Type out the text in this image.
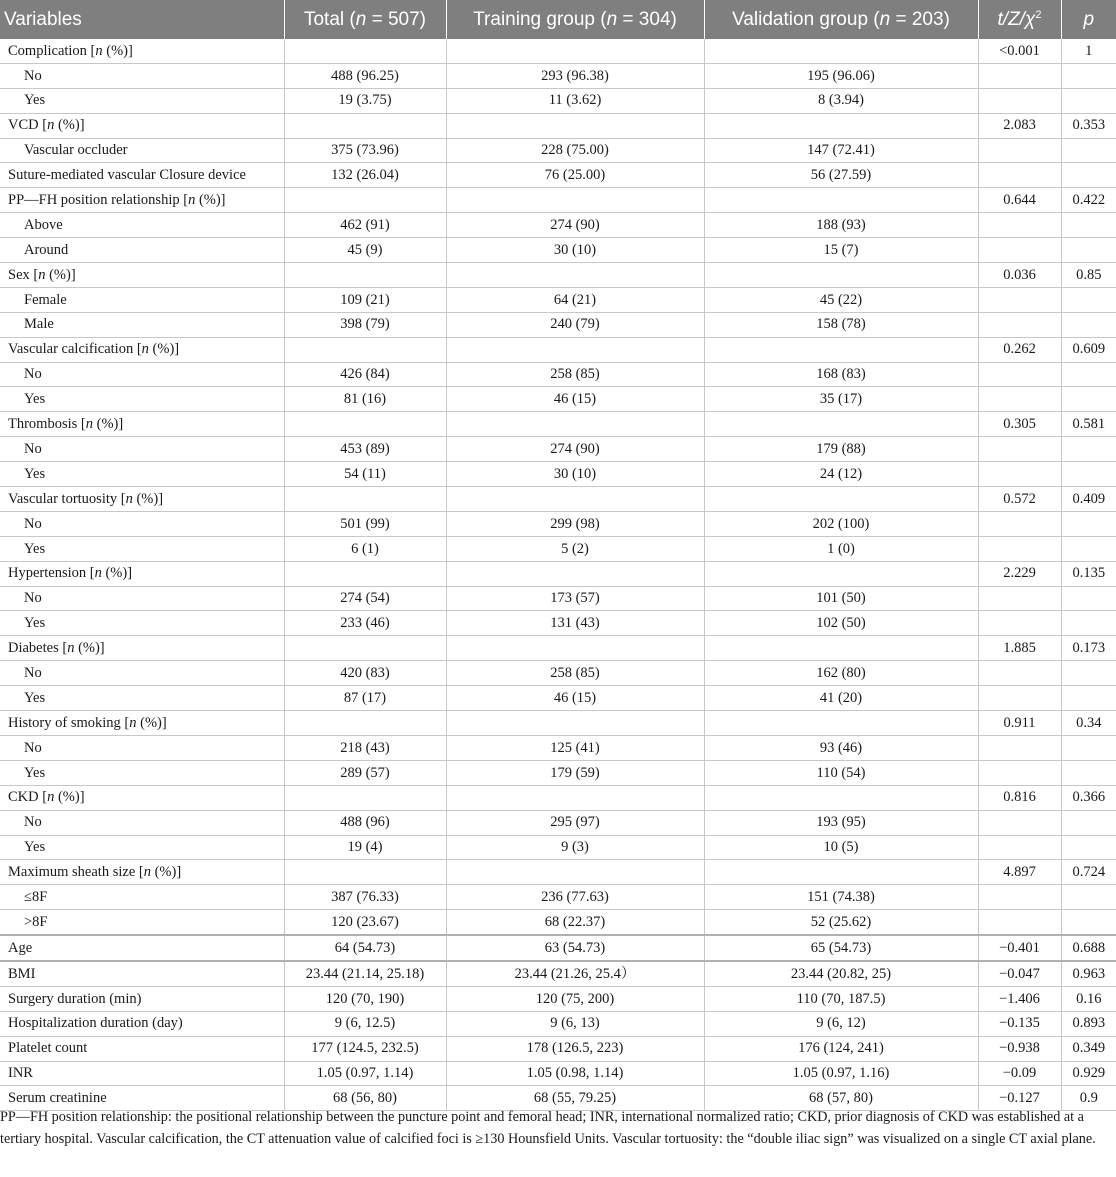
Variables	Total (n = 507)	Training group (n = 304)	Validation group (n = 203)	$t/Z/\chi^2$	p
Complication [n (%)]				<0.001	1
No	488 (96.25)	293 (96.38)	195 (96.06)		
Yes	19 (3.75)	11 (3.62)	8 (3.94)		
VCD [n (%)]				2.083	0.353
Vascular occluder	375 (73.96)	228 (75.00)	147 (72.41)		
Suture-mediated vascular Closure device	132 (26.04)	76 (25.00)	56 (27.59)		
PP—FH position relationship [n (%)]				0.644	0.422
Above	462 (91)	274 (90)	188 (93)		
Around	45 (9)	30 (10)	15 (7)		
Sex [n (%)]				0.036	0.85
Female	109 (21)	64 (21)	45 (22)		
Male	398 (79)	240 (79)	158 (78)		
Vascular calcification [n (%)]				0.262	0.609
No	426 (84)	258 (85)	168 (83)		
Yes	81 (16)	46 (15)	35 (17)		
Thrombosis [n (%)]				0.305	0.581
No	453 (89)	274 (90)	179 (88)		
Yes	54 (11)	30 (10)	24 (12)		
Vascular tortuosity [n (%)]				0.572	0.409
No	501 (99)	299 (98)	202 (100)		
Yes	6 (1)	5 (2)	1 (0)		
Hypertension [n (%)]				2.229	0.135
No	274 (54)	173 (57)	101 (50)		
Yes	233 (46)	131 (43)	102 (50)		
Diabetes [n (%)]				1.885	0.173
No	420 (83)	258 (85)	162 (80)		
Yes	87 (17)	46 (15)	41 (20)		
History of smoking [n (%)]				0.911	0.34
No	218 (43)	125 (41)	93 (46)		
Yes	289 (57)	179 (59)	110 (54)		
CKD [n (%)]				0.816	0.366
No	488 (96)	295 (97)	193 (95)		
Yes	19 (4)	9 (3)	10 (5)		
Maximum sheath size [n (%)]				4.897	0.724
≤8F	387 (76.33)	236 (77.63)	151 (74.38)		
>8F	120 (23.67)	68 (22.37)	52 (25.62)		
Age	64 (54.73)	63 (54.73)	65 (54.73)	−0.401	0.688
BMI	23.44 (21.14, 25.18)	23.44 (21.26, 25.4）	23.44 (20.82, 25)	−0.047	0.963
Surgery duration (min)	120 (70, 190)	120 (75, 200)	110 (70, 187.5)	−1.406	0.16
Hospitalization duration (day)	9 (6, 12.5)	9 (6, 13)	9 (6, 12)	−0.135	0.893
Platelet count	177 (124.5, 232.5)	178 (126.5, 223)	176 (124, 241)	−0.938	0.349
INR	1.05 (0.97, 1.14)	1.05 (0.98, 1.14)	1.05 (0.97, 1.16)	−0.09	0.929
Serum creatinine	68 (56, 80)	68 (55, 79.25)	68 (57, 80)	−0.127	0.9
PP—FH position relationship: the positional relationship between the puncture point and femoral head; INR, international normalized ratio; CKD, prior diagnosis of CKD was established at a tertiary hospital. Vascular calcification, the CT attenuation value of calcified foci is ≥130 Hounsfield Units. Vascular tortuosity: the “double iliac sign” was visualized on a single CT axial plane.
